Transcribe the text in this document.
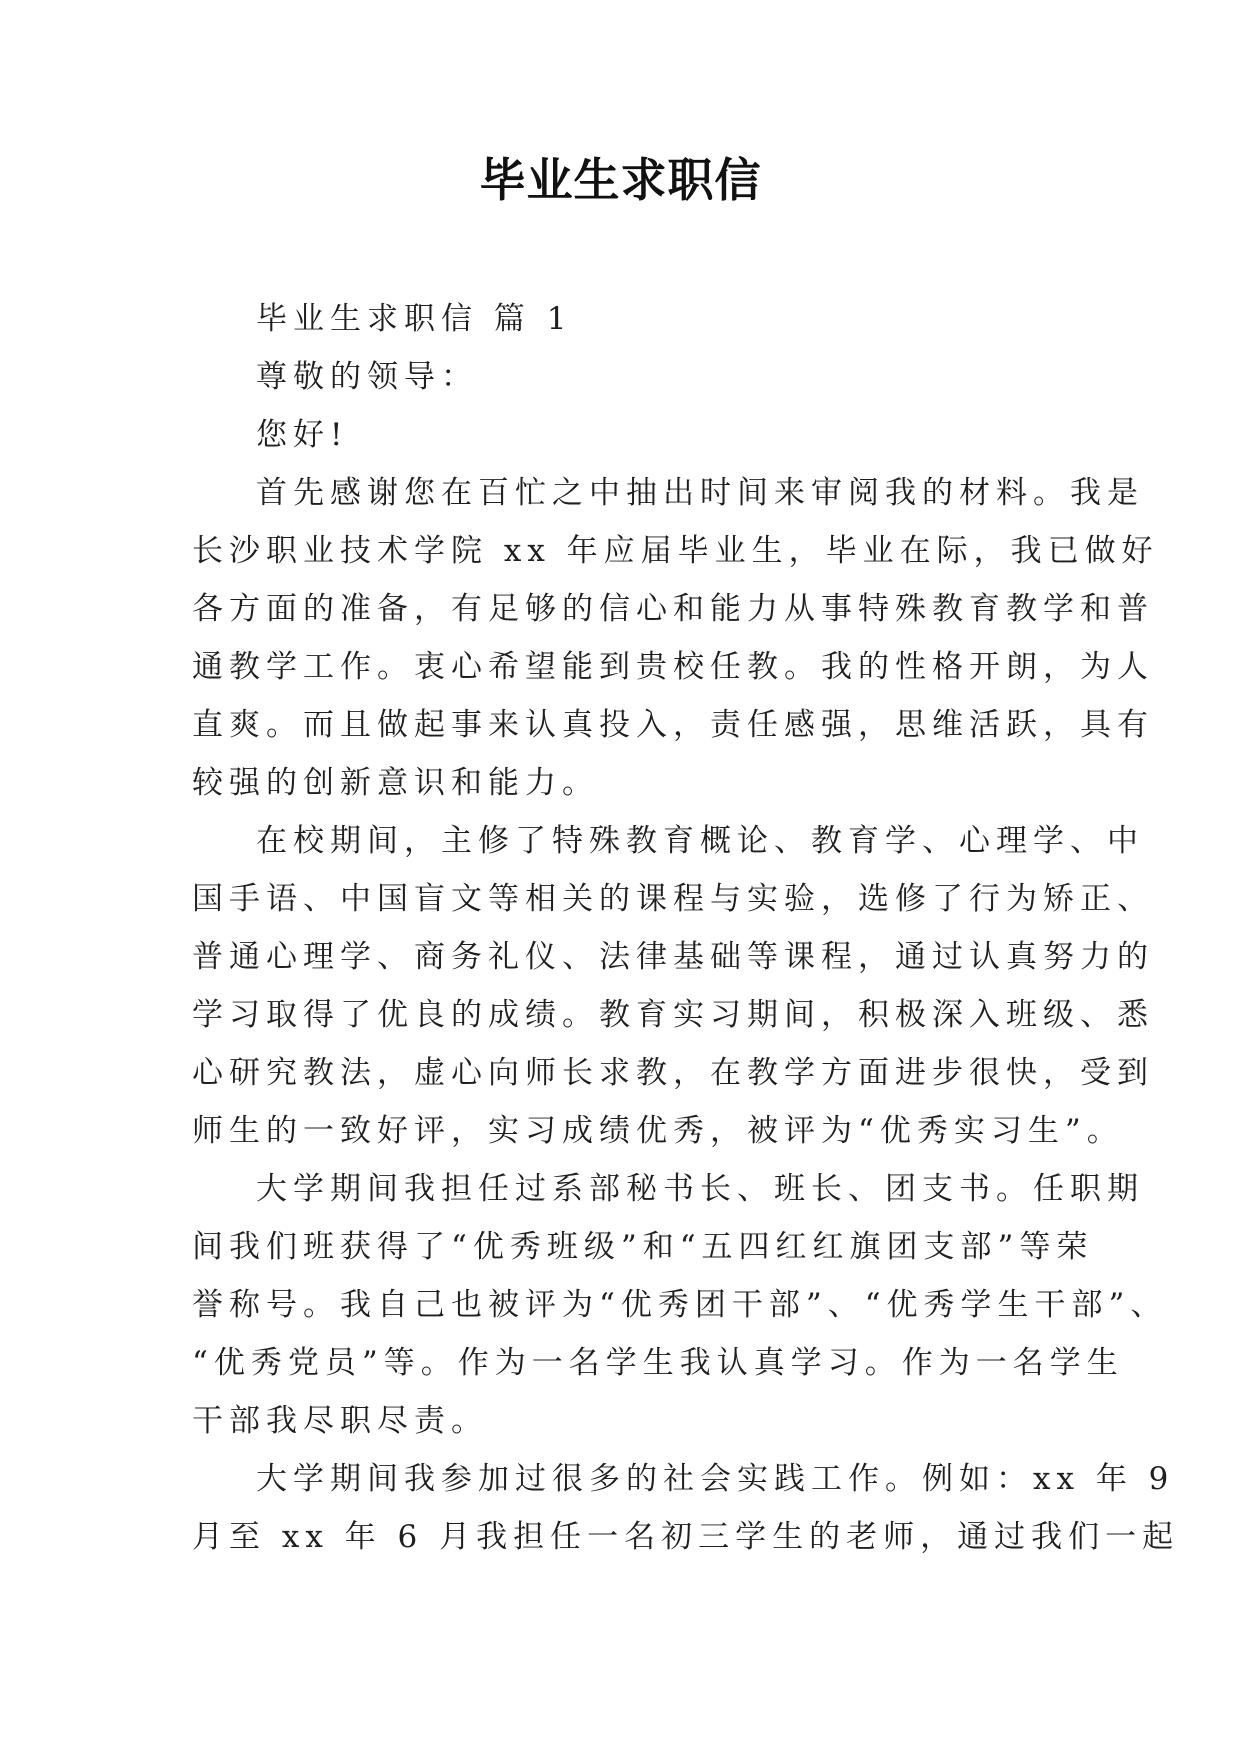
毕业生求职信
毕业生求职信 篇 1
尊敬的领导：
您好!
首先感谢您在百忙之中抽出时间来审阅我的材料。我是
长沙职业技术学院 xx 年应届毕业生，毕业在际，我已做好
各方面的准备，有足够的信心和能力从事特殊教育教学和普
通教学工作。衷心希望能到贵校任教。我的性格开朗，为人
直爽。而且做起事来认真投入，责任感强，思维活跃，具有
较强的创新意识和能力。
在校期间，主修了特殊教育概论、教育学、心理学、中
国手语、中国盲文等相关的课程与实验，选修了行为矫正、
普通心理学、商务礼仪、法律基础等课程，通过认真努力的
学习取得了优良的成绩。教育实习期间，积极深入班级、悉
心研究教法，虚心向师长求教，在教学方面进步很快，受到
师生的一致好评，实习成绩优秀，被评为“优秀实习生”。
大学期间我担任过系部秘书长、班长、团支书。任职期
间我们班获得了“优秀班级”和“五四红红旗团支部”等荣
誉称号。我自己也被评为“优秀团干部”、“优秀学生干部”、
“优秀党员”等。作为一名学生我认真学习。作为一名学生
干部我尽职尽责。
大学期间我参加过很多的社会实践工作。例如：xx 年 9
月至 xx 年 6 月我担任一名初三学生的老师，通过我们一起
